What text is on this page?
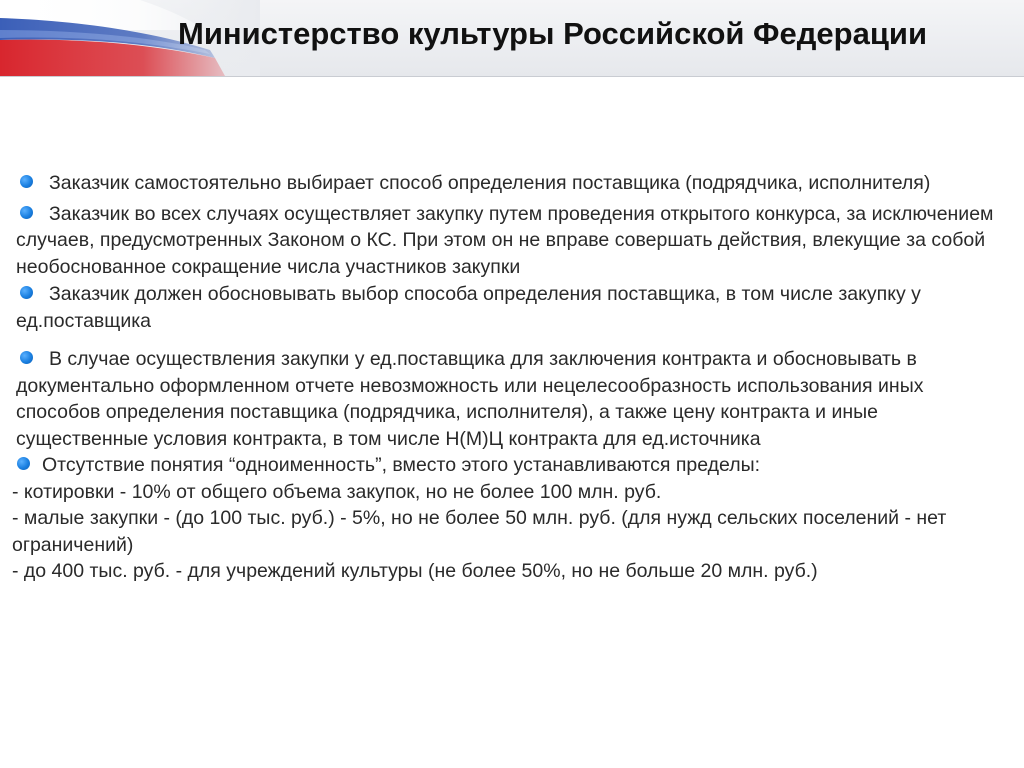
Министерство культуры Российской Федерации

Заказчик самостоятельно выбирает способ определения поставщика (подрядчика, исполнителя)

Заказчик во всех случаях осуществляет закупку путем проведения открытого конкурса, за исключением случаев, предусмотренных Законом о КС. При этом он не вправе совершать действия, влекущие за собой необоснованное сокращение числа участников закупки

Заказчик должен обосновывать выбор способа определения поставщика, в том числе закупку у ед.поставщика

В случае осуществления закупки у ед.поставщика для заключения контракта и обосновывать в документально оформленном отчете невозможность или нецелесообразность использования иных способов определения поставщика (подрядчика, исполнителя), а также цену контракта и иные существенные условия контракта, в том числе Н(М)Ц контракта для ед.источника

Отсутствие понятия “одноименность”, вместо этого устанавливаются пределы:
- котировки - 10% от общего объема закупок, но не более 100 млн. руб.
- малые закупки - (до 100 тыс. руб.) - 5%, но не более 50 млн. руб. (для нужд сельских поселений - нет ограничений)
- до 400 тыс. руб. - для учреждений культуры (не более 50%, но не больше 20 млн. руб.)
